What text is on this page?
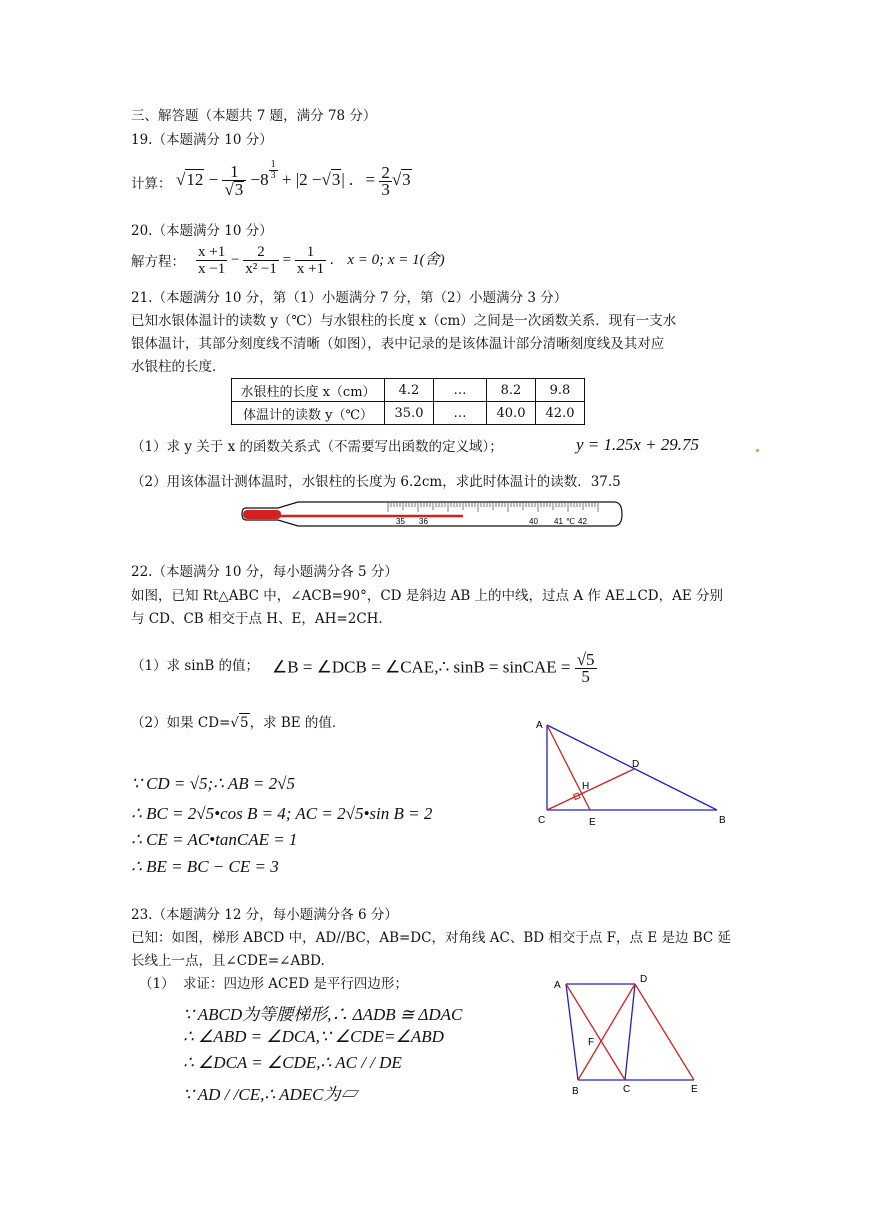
三、解答题（本题共 7 题，满分 78 分）
19.（本题满分 10 分）
计算： $√12 - \frac{1}{√3} -8 \frac{1}{3} + |2 -√3|$ . = $\frac{2}{3} √3$
20.（本题满分 10 分）
解方程： $\frac{x +1}{x -1} - \frac{2}{\text{x² −1}} = \frac{1}{x +1}$ . x = 0; x = 1(舍)
21.（本题满分 10 分，第（1）小题满分 7 分，第（2）小题满分 3 分）
已知水银体温计的读数 y（℃）与水银柱的长度 x（cm）之间是一次函数关系．现有一支水
银体温计，其部分刻度线不清晰（如图），表中记录的是该体温计部分清晰刻度线及其对应
水银柱的长度．
水银柱的长度 x（cm）	4.2	…	8.2	9.8
体温计的读数 y（℃）	35.0	…	40.0	42.0
（1）求 y 关于 x 的函数关系式（不需要写出函数的定义域）；	y = 1.25x + 29.75
（2）用该体温计测体温时，水银柱的长度为 6.2cm，求此时体温计的读数．37.5
35 36	40 41 ℃ 42
22.（本题满分 10 分，每小题满分各 5 分）
如图，已知 Rt△ABC 中，∠ACB=90°，CD 是斜边 AB 上的中线，过点 A 作 AE⊥CD，AE 分别
与 CD、CB 相交于点 H、E，AH=2CH.
（1）求 sinB 的值； ∠B = ∠DCB = ∠CAE,∴ sinB = sinCAE = $\frac{√5}{5}$
（2）如果 CD=√5，求 BE 的值．
∵ CD = √5;∴ AB = 2√5
∴ BC = 2√5•cos B = 4; AC = 2√5•sin B = 2
∴ CE = AC•tanCAE = 1
∴ BE = BC − CE = 3
A
C	E	B
D
H
23.（本题满分 12 分，每小题满分各 6 分）
已知：如图，梯形 ABCD 中，AD//BC，AB=DC，对角线 AC、BD 相交于点 F，点 E 是边 BC 延
长线上一点，且∠CDE=∠ABD.
（1） 求证：四边形 ACED 是平行四边形；
∵ ABCD为等腰梯形,∴ ΔADB ≅ ΔDAC
∴ ∠ABD = ∠DCA,∵ ∠CDE=∠ABD
∴ ∠DCA = ∠CDE,∴ AC / / DE
∵ AD / /CE,∴ ADEC为▱
A
D
F
B	C	E
